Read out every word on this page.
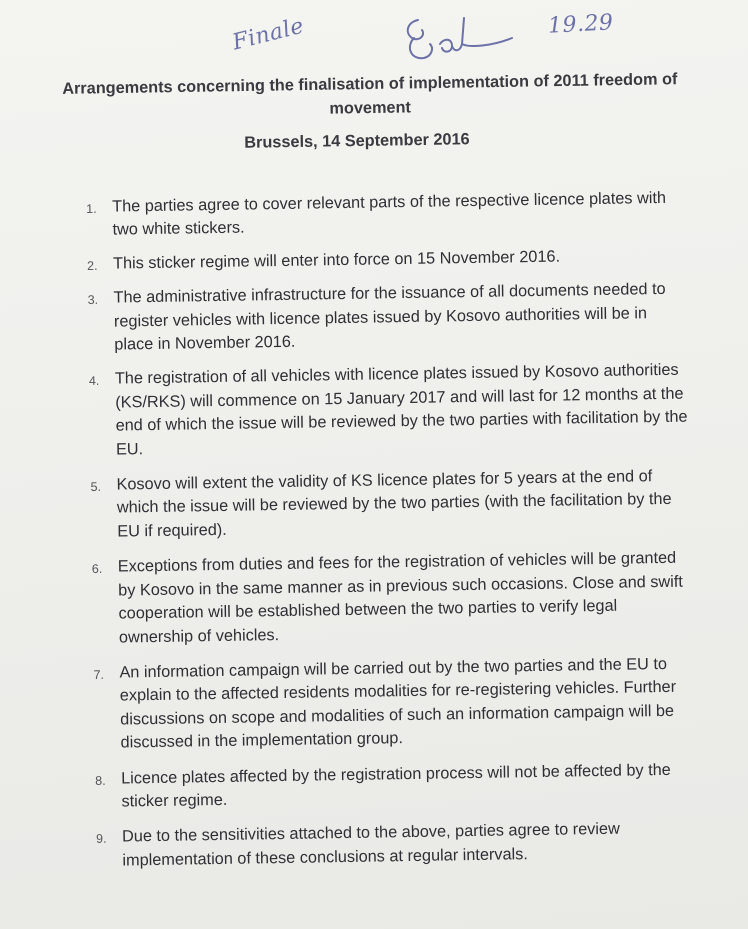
Finale	19.29
Arrangements concerning the finalisation of implementation of 2011 freedom of movement
Brussels, 14 September 2016
1. The parties agree to cover relevant parts of the respective licence plates with two white stickers.
2. This sticker regime will enter into force on 15 November 2016.
3. The administrative infrastructure for the issuance of all documents needed to register vehicles with licence plates issued by Kosovo authorities will be in place in November 2016.
4. The registration of all vehicles with licence plates issued by Kosovo authorities (KS/RKS) will commence on 15 January 2017 and will last for 12 months at the end of which the issue will be reviewed by the two parties with facilitation by the EU.
5. Kosovo will extent the validity of KS licence plates for 5 years at the end of which the issue will be reviewed by the two parties (with the facilitation by the EU if required).
6. Exceptions from duties and fees for the registration of vehicles will be granted by Kosovo in the same manner as in previous such occasions. Close and swift cooperation will be established between the two parties to verify legal ownership of vehicles.
7. An information campaign will be carried out by the two parties and the EU to explain to the affected residents modalities for re-registering vehicles. Further discussions on scope and modalities of such an information campaign will be discussed in the implementation group.
8. Licence plates affected by the registration process will not be affected by the sticker regime.
9. Due to the sensitivities attached to the above, parties agree to review implementation of these conclusions at regular intervals.
